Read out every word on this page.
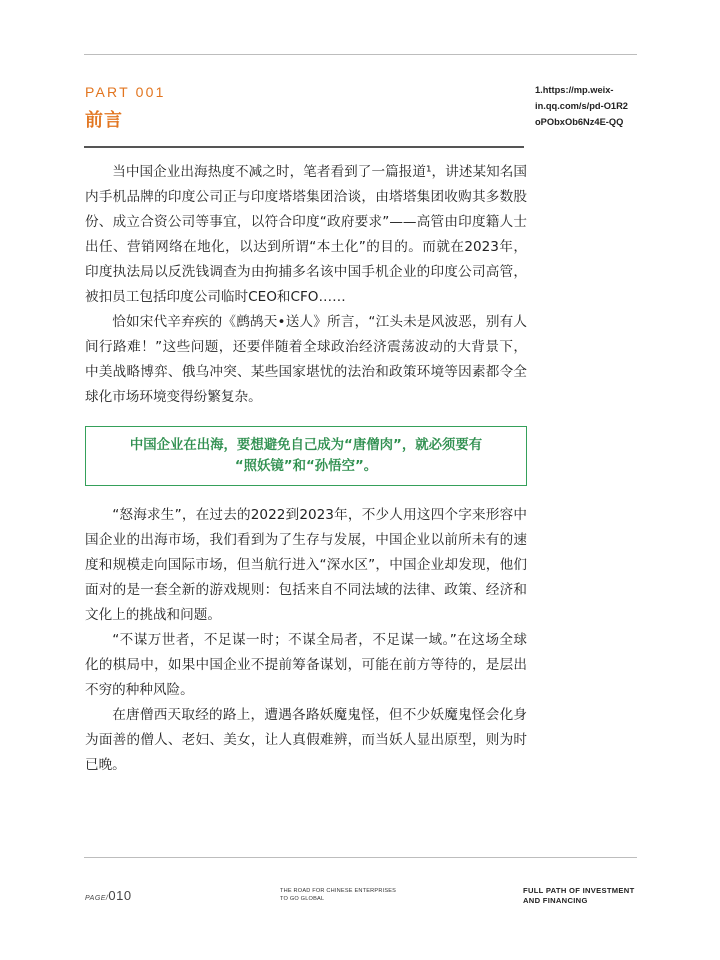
PART 001
前言
1.https://mp.weix-
in.qq.com/s/pd-O1R2
oPObxOb6Nz4E-QQ

当中国企业出海热度不减之时，笔者看到了一篇报道¹，讲述某知名国内手机品牌的印度公司正与印度塔塔集团洽谈，由塔塔集团收购其多数股份、成立合资公司等事宜，以符合印度“政府要求”——高管由印度籍人士出任、营销网络在地化，以达到所谓“本土化”的目的。而就在2023年，印度执法局以反洗钱调查为由拘捕多名该中国手机企业的印度公司高管，被扣员工包括印度公司临时CEO和CFO……

恰如宋代辛弃疾的《鹧鸪天•送人》所言，“江头未是风波恶，别有人间行路难！”这些问题，还要伴随着全球政治经济震荡波动的大背景下，中美战略博弈、俄乌冲突、某些国家堪忧的法治和政策环境等因素都令全球化市场环境变得纷繁复杂。

中国企业在出海，要想避免自己成为“唐僧肉”，就必须要有
“照妖镜”和“孙悟空”。

“怒海求生”，在过去的2022到2023年，不少人用这四个字来形容中国企业的出海市场，我们看到为了生存与发展，中国企业以前所未有的速度和规模走向国际市场，但当航行进入“深水区”，中国企业却发现，他们面对的是一套全新的游戏规则：包括来自不同法域的法律、政策、经济和文化上的挑战和问题。

“不谋万世者，不足谋一时；不谋全局者，不足谋一域。”在这场全球化的棋局中，如果中国企业不提前筹备谋划，可能在前方等待的，是层出不穷的种种风险。

在唐僧西天取经的路上，遭遇各路妖魔鬼怪，但不少妖魔鬼怪会化身为面善的僧人、老妇、美女，让人真假难辨，而当妖人显出原型，则为时已晚。

PAGE/010	THE ROAD FOR CHINESE ENTERPRISES
TO GO GLOBAL
FULL PATH OF INVESTMENT
AND FINANCING
